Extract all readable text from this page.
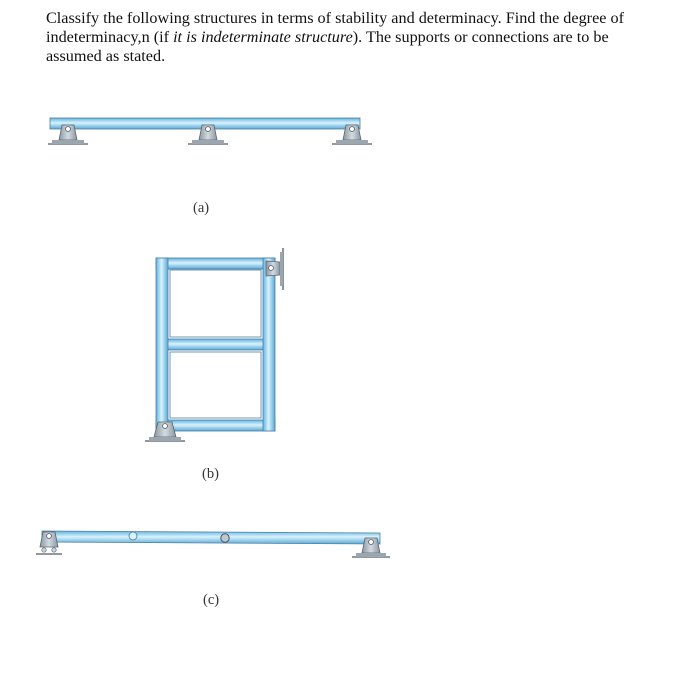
Classify the following structures in terms of stability and determinacy. Find the degree of indeterminacy,n (if it is indeterminate structure). The supports or connections are to be assumed as stated.
(a)
(b)
(c)
